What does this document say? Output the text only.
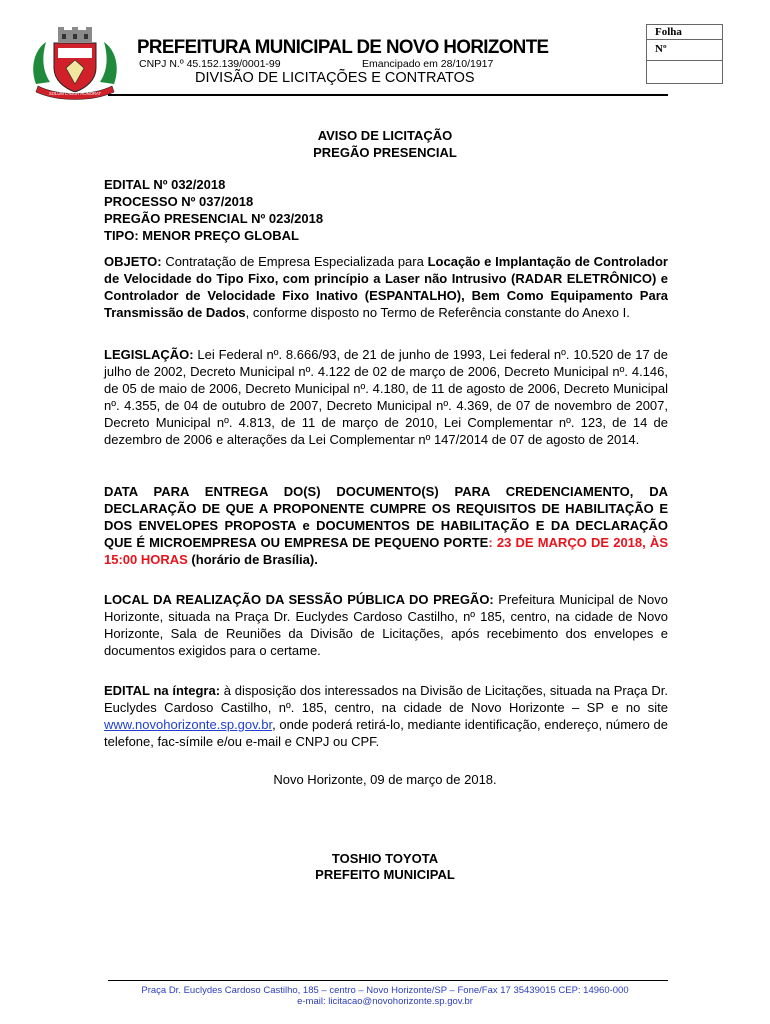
SOLUM LABOR HONORAT
PREFEITURA MUNICIPAL DE NOVO HORIZONTE
CNPJ N.º 45.152.139/0001-99	Emancipado em 28/10/1917
DIVISÃO DE LICITAÇÕES E CONTRATOS
Folha
Nº
AVISO DE LICITAÇÃO
PREGÃO PRESENCIAL
EDITAL Nº 032/2018
PROCESSO Nº 037/2018
PREGÃO PRESENCIAL Nº 023/2018
TIPO: MENOR PREÇO GLOBAL
OBJETO: Contratação de Empresa Especializada para Locação e Implantação de Controlador de Velocidade do Tipo Fixo, com princípio a Laser não Intrusivo (RADAR ELETRÔNICO) e Controlador de Velocidade Fixo Inativo (ESPANTALHO), Bem Como Equipamento Para Transmissão de Dados, conforme disposto no Termo de Referência constante do Anexo I.
LEGISLAÇÃO: Lei Federal nº. 8.666/93, de 21 de junho de 1993, Lei federal nº. 10.520 de 17 de julho de 2002, Decreto Municipal nº. 4.122 de 02 de março de 2006, Decreto Municipal nº. 4.146, de 05 de maio de 2006, Decreto Municipal nº. 4.180, de 11 de agosto de 2006, Decreto Municipal nº. 4.355, de 04 de outubro de 2007, Decreto Municipal nº. 4.369, de 07 de novembro de 2007, Decreto Municipal nº. 4.813, de 11 de março de 2010, Lei Complementar nº. 123, de 14 de dezembro de 2006 e alterações da Lei Complementar nº 147/2014 de 07 de agosto de 2014.
DATA PARA ENTREGA DO(S) DOCUMENTO(S) PARA CREDENCIAMENTO, DA DECLARAÇÃO DE QUE A PROPONENTE CUMPRE OS REQUISITOS DE HABILITAÇÃO E DOS ENVELOPES PROPOSTA e DOCUMENTOS DE HABILITAÇÃO E DA DECLARAÇÃO QUE É MICROEMPRESA OU EMPRESA DE PEQUENO PORTE: 23 DE MARÇO DE 2018, ÀS 15:00 HORAS (horário de Brasília).
LOCAL DA REALIZAÇÃO DA SESSÃO PÚBLICA DO PREGÃO: Prefeitura Municipal de Novo Horizonte, situada na Praça Dr. Euclydes Cardoso Castilho, nº 185, centro, na cidade de Novo Horizonte, Sala de Reuniões da Divisão de Licitações, após recebimento dos envelopes e documentos exigidos para o certame.
EDITAL na íntegra: à disposição dos interessados na Divisão de Licitações, situada na Praça Dr. Euclydes Cardoso Castilho, nº. 185, centro, na cidade de Novo Horizonte – SP e no site www.novohorizonte.sp.gov.br, onde poderá retirá-lo, mediante identificação, endereço, número de telefone, fac-símile e/ou e-mail e CNPJ ou CPF.
Novo Horizonte, 09 de março de 2018.
TOSHIO TOYOTA
PREFEITO MUNICIPAL
Praça Dr. Euclydes Cardoso Castilho, 185 – centro – Novo Horizonte/SP – Fone/Fax 17 35439015 CEP: 14960-000
e-mail: licitacao@novohorizonte.sp.gov.br
